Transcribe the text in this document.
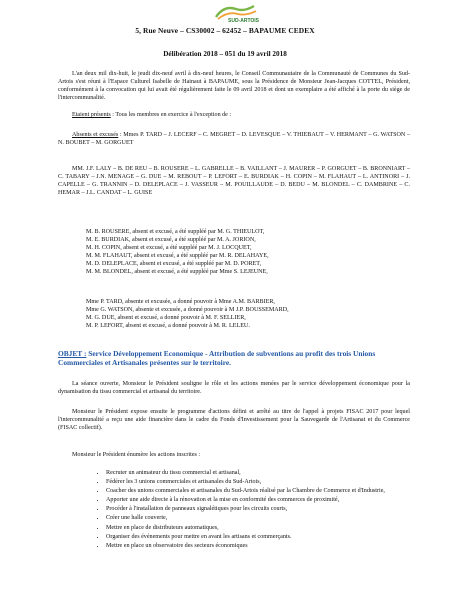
SUD-ARTOIS
5, Rue Neuve – CS30002 – 62452 – BAPAUME CEDEX
Délibération 2018 – 051 du 19 avril 2018

L'an deux mil dix-huit, le jeudi dix-neuf avril à dix-neuf heures, le Conseil Communautaire de la Communauté de Communes du Sud-Artois s'est réuni à l'Espace Culturel Isabelle de Hainaut à BAPAUME, sous la Présidence de Monsieur Jean-Jacques COTTEL, Président, conformément à la convocation qui lui avait été régulièrement faite le 09 avril 2018 et dont un exemplaire a été affiché à la porte du siège de l'intercommunalité.

Etaient présents : Tous les membres en exercice à l'exception de :

Absents et excusés : Mmes P. TARD – J. LECERF – C. MEGRET – D. LEVESQUE – V. THIEBAUT – V. HERMANT – G. WATSON – N. BOUBET – M. GORGUET

MM. J.F. LALY – B. DE REU – B. ROUSERE – L. GABRELLE – B. VAILLANT – J. MAURER – P. GORGUET – B. BRONNIART – C. TABARY – J.N. MENAGE – G. DUE – M. REBOUT – P. LEFORT – E. BURDIAK – H. COPIN – M. FLAHAUT – L. ANTINORI – J. CAPELLE – G. TRANNIN – D. DELEPLACE – J. VASSEUR – M. POUILLAUDE – D. BEDU – M. BLONDEL – C. DAMBRINE – C. HEMAR – J.L. CANDAT – L. GUISE

M. B. ROUSERE, absent et excusé, a été suppléé par M. G. THIEULOT,
M. E. BURDIAK, absent et excusé, a été suppléé par M. A. JORION,
M. H. COPIN, absent et excusé, a été suppléé par M. J. LOCQUET,
M. M. FLAHAUT, absent et excusé, a été suppléé par M. R. DELAHAYE,
M. D. DELEPLACE, absent et excusé, a été suppléé par M. D. PORET,
M. M. BLONDEL, absent et excusé, a été suppléé par Mme S. LEJEUNE,
Mme P. TARD, absente et excusée, a donné pouvoir à Mme A.M. BARBIER,
Mme G. WATSON, absente et excusée, a donné pouvoir à M J.P. BOUSSEMARD,
M. G. DUE, absent et excusé, a donné pouvoir à M. F. SELLIER,
M. P. LEFORT, absent et excusé, a donné pouvoir à M. R. LELEU.
OBJET : Service Développement Economique - Attribution de subventions au profit des trois Unions Commerciales et Artisanales présentes sur le territoire.

La séance ouverte, Monsieur le Président souligne le rôle et les actions menées par le service développement économique pour la dynamisation du tissu commercial et artisanal du territoire.

Monsieur le Président expose ensuite le programme d'actions défini et arrêté au titre de l'appel à projets FISAC 2017 pour lequel l'intercommunalité a reçu une aide financière dans le cadre du Fonds d'Investissement pour la Sauvegarde de l'Artisanat et du Commerce (FISAC collectif).

Monsieur le Président énumère les actions inscrites :

• Recruter un animateur du tissu commercial et artisanal,
• Fédérer les 3 unions commerciales et artisanales du Sud-Artois,
• Coacher des unions commerciales et artisanales du Sud-Artois réalisé par la Chambre de Commerce et d'Industrie,
• Apporter une aide directe à la rénovation et la mise en conformité des commerces de proximité,
• Procéder à l'installation de panneaux signalétiques pour les circuits courts,
• Créer une halle couverte,
• Mettre en place de distributeurs automatiques,
• Organiser des événements pour mettre en avant les artisans et commerçants.
• Mettre en place un observatoire des secteurs économiques
